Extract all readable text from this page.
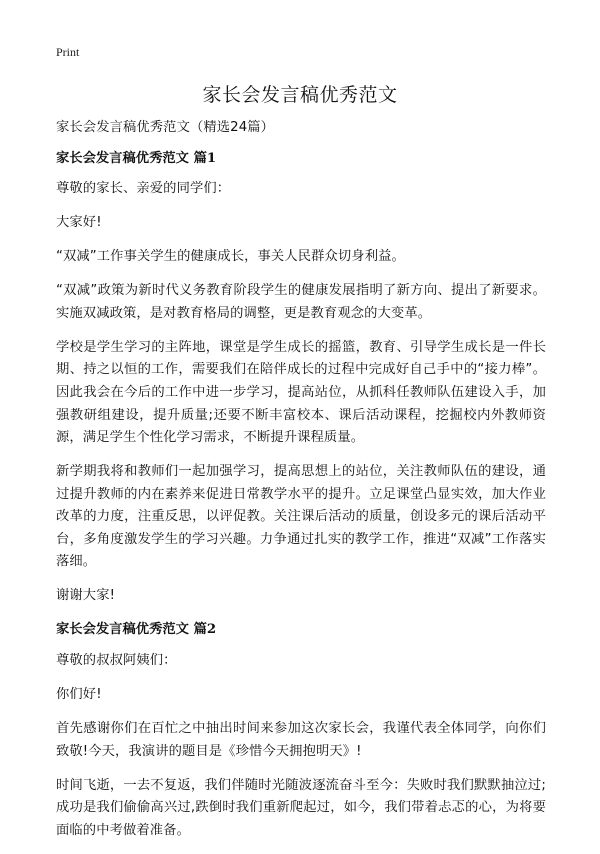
Print
家长会发言稿优秀范文

家长会发言稿优秀范文（精选24篇）

家长会发言稿优秀范文 篇1

尊敬的家长、亲爱的同学们：

大家好!

“双减”工作事关学生的健康成长，事关人民群众切身利益。

“双减”政策为新时代义务教育阶段学生的健康发展指明了新方向、提出了新要求。实施双减政策，是对教育格局的调整，更是教育观念的大变革。

学校是学生学习的主阵地，课堂是学生成长的摇篮，教育、引导学生成长是一件长期、持之以恒的工作，需要我们在陪伴成长的过程中完成好自己手中的“接力棒”。因此我会在今后的工作中进一步学习，提高站位，从抓科任教师队伍建设入手，加强教研组建设，提升质量;还要不断丰富校本、课后活动课程，挖掘校内外教师资源，满足学生个性化学习需求，不断提升课程质量。

新学期我将和教师们一起加强学习，提高思想上的站位，关注教师队伍的建设，通过提升教师的内在素养来促进日常教学水平的提升。立足课堂凸显实效，加大作业改革的力度，注重反思，以评促教。关注课后活动的质量，创设多元的课后活动平台，多角度激发学生的学习兴趣。力争通过扎实的教学工作，推进“双减”工作落实落细。

谢谢大家!

家长会发言稿优秀范文 篇2

尊敬的叔叔阿姨们：

你们好!

首先感谢你们在百忙之中抽出时间来参加这次家长会，我谨代表全体同学，向你们致敬!今天，我演讲的题目是《珍惜今天拥抱明天》!

时间飞逝，一去不复返，我们伴随时光随波逐流奋斗至今：失败时我们默默抽泣过;成功是我们偷偷高兴过,跌倒时我们重新爬起过，如今，我们带着忐忑的心，为将要面临的中考做着准备。
